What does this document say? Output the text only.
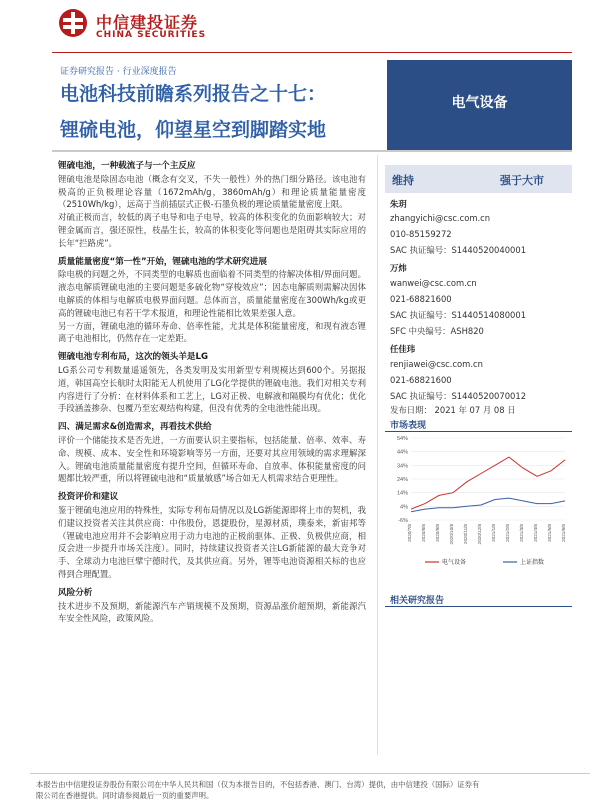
中信建投证券
CHINA SECURITIES
证券研究报告 · 行业深度报告
电池科技前瞻系列报告之十七：
锂硫电池，仰望星空到脚踏实地
电气设备
锂硫电池，一种载流子与一个主反应

锂硫电池是除固态电池（概念有交叉，不失一般性）外的热门细分路径。该电池有极高的正负极理论容量（1672mAh/g，3860mAh/g）和理论质量能量密度（2510Wh/kg），远高于当前插层式正极-石墨负极的理论质量能量密度上限。

对硫正极而言，较低的离子电导和电子电导，较高的体积变化的负面影响较大；对锂金属而言，强还原性，枝晶生长，较高的体积变化等问题也是阻碍其实际应用的长年“拦路虎”。

质量能量密度“第一性”开始，锂硫电池的学术研究进展

除电极的问题之外，不同类型的电解质也面临着不同类型的待解决体相/界面问题。液态电解质锂硫电池的主要问题是多硫化物“穿梭效应”；因态电解质则需解决因体电解质的体相与电解质电极界面问题。总体而言，质量能量密度在300Wh/kg或更高的锂硫电池已有若干学术报道，和理论性能相比效果差强人意。

另一方面，锂硫电池的循环寿命、倍率性能，尤其是体积能量密度，和现有液态锂离子电池相比，仍然存在一定差距。

锂硫电池专利布局，这次的领头羊是LG

LG系公司专利数量遥遥领先，各类发明及实用新型专利规模达到600个。另据报道，韩国高空长航时太阳能无人机使用了LG化学提供的锂硫电池。我们对相关专利内容进行了分析：在材料体系和工艺上，LG对正极、电解液和隔膜均有优化；优化手段涵盖掺杂、包覆乃至宏观结构构建，但没有优秀的全电池性能出现。

四、满足需求&创造需求，再看技术供给

评价一个储能技术是否先进，一方面要认识主要指标，包括能量、倍率、效率、寿命、规模、成本、安全性和环境影响等另一方面，还要对其应用领域的需求理解深入。锂硫电池质量能量密度有提升空间，但循环寿命、自放率、体积能量密度的问题都比较严重，所以将锂硫电池和“质量敏感”场合如无人机需求结合更理性。

投资评价和建议

鉴于锂硫电池应用的特殊性，实际专利布局情况以及LG新能源即将上市的契机，我们建议投资者关注其供应商：中伟股份，恩捷股份，星源材质，璞泰来，新宙邦等（锂硫电池应用并不会影响应用于动力电池的正极前驱体、正极、负极供应商，相反会进一步提升市场关注度）。同时，持续建议投资者关注LG新能源的最大竞争对手、全球动力电池巨擘宁德时代，及其供应商。另外，锂等电池资源相关标的也应得到合理配置。

风险分析

技术进步不及预期，新能源汽车产销规模不及预期，资源品涨价超预期，新能源汽车安全性风险，政策风险。

维持	强于大市
朱玥
zhangyichi@csc.com.cn
010-85159272
SAC 执证编号：S1440520040001
万炜
wanwei@csc.com.cn
021-68821600
SAC 执证编号：S1440514080001
SFC 中央编号：ASH820
任佳玮
renjiawei@csc.com.cn
021-68821600
SAC 执证编号：S1440520070012
发布日期： 2021 年 07 月 08 日
市场表现
54%
44%
34%
24%
14%
4%
-6%
2020/7/8 2020/8/8 2020/9/8 2020/10/8 2020/11/8 2020/12/8 2021/1/8 2021/2/8 2021/3/8 2021/4/8 2021/5/8 2021/6/8
电气设备	上证指数
相关研究报告
本报告由中信建投证券股份有限公司在中华人民共和国（仅为本报告目的，不包括香港、澳门、台湾）提供，由中信建投（国际）证券有
限公司在香港提供。同时请参阅最后一页的重要声明。
